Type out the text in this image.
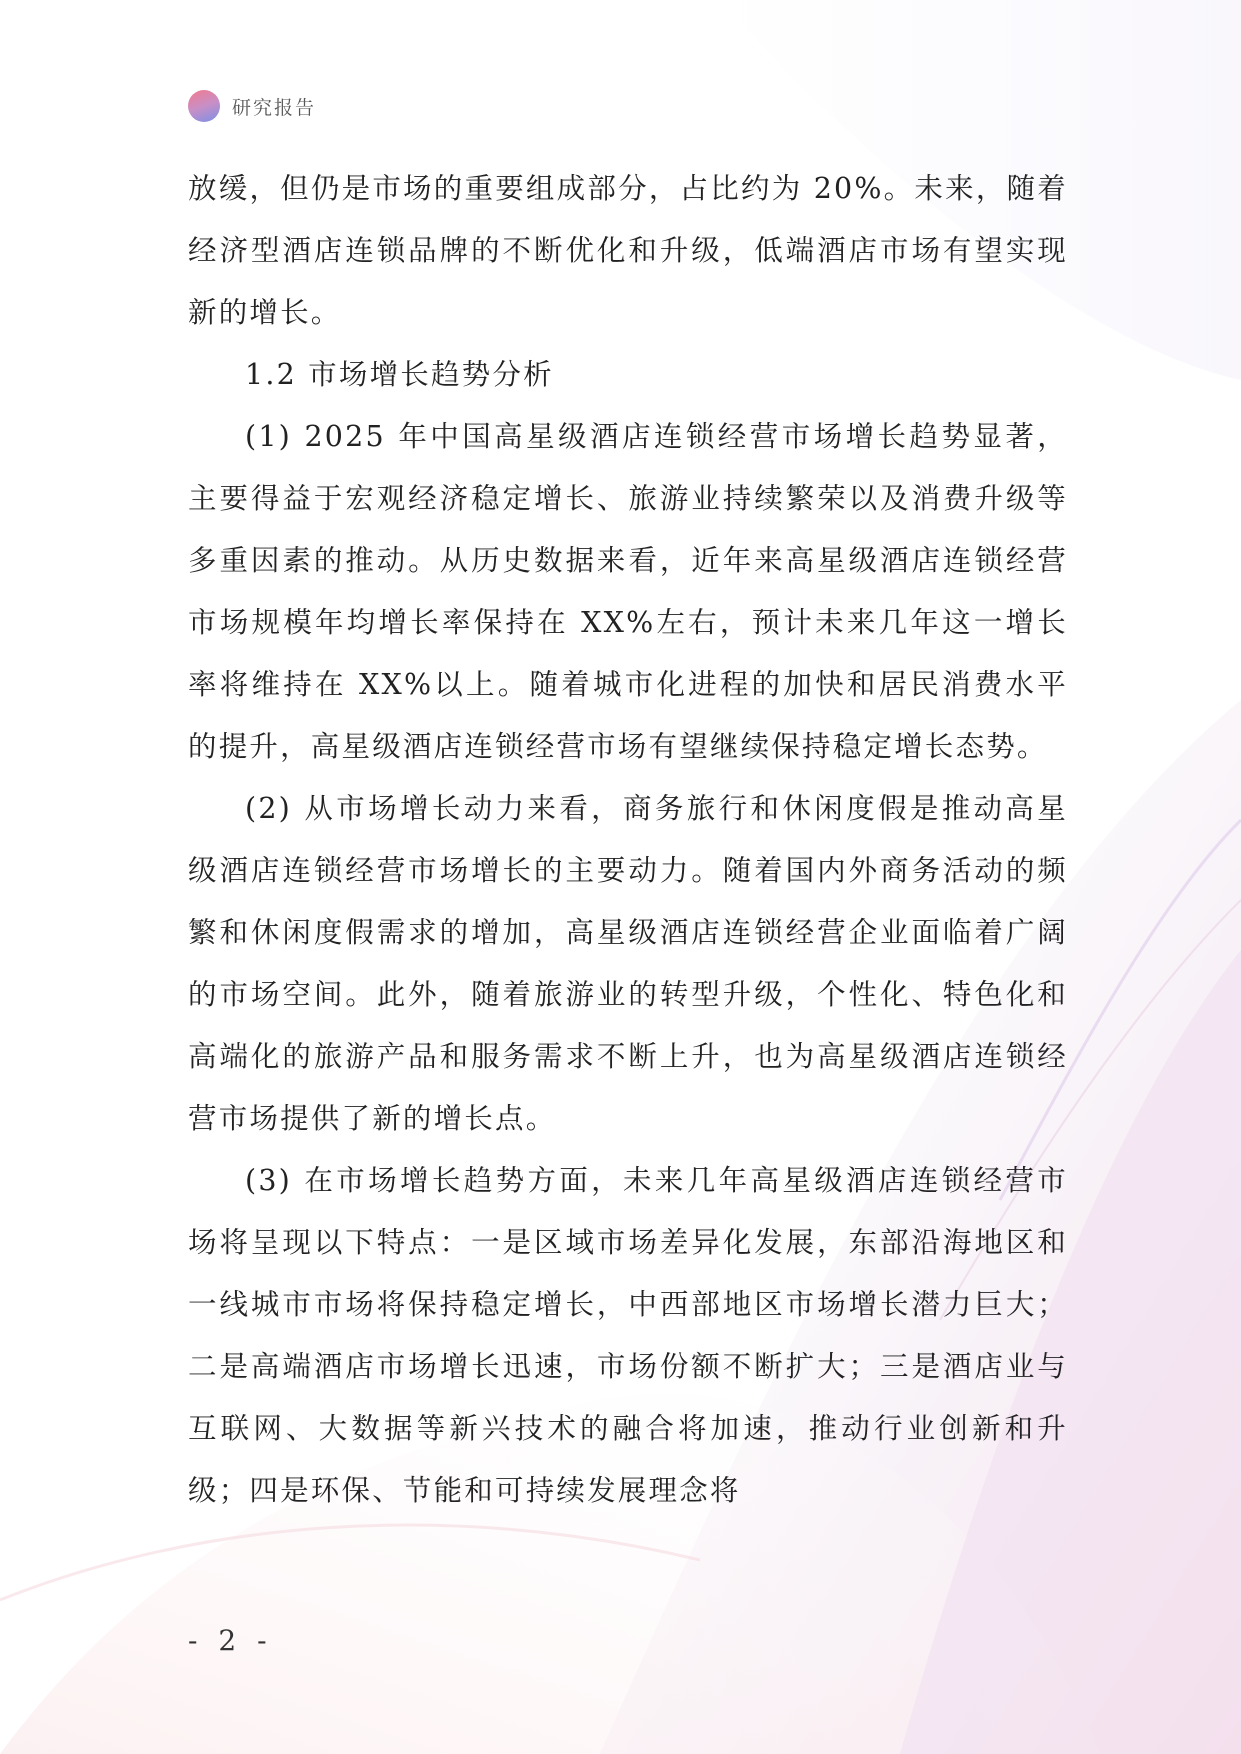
研究报告

放缓，但仍是市场的重要组成部分，占比约为 20%。未来，随着经济型酒店连锁品牌的不断优化和升级，低端酒店市场有望实现新的增长。

1.2 市场增长趋势分析

(1) 2025 年中国高星级酒店连锁经营市场增长趋势显著，主要得益于宏观经济稳定增长、旅游业持续繁荣以及消费升级等多重因素的推动。从历史数据来看，近年来高星级酒店连锁经营市场规模年均增长率保持在 XX%左右，预计未来几年这一增长率将维持在 XX%以上。随着城市化进程的加快和居民消费水平的提升，高星级酒店连锁经营市场有望继续保持稳定增长态势。

(2) 从市场增长动力来看，商务旅行和休闲度假是推动高星级酒店连锁经营市场增长的主要动力。随着国内外商务活动的频繁和休闲度假需求的增加，高星级酒店连锁经营企业面临着广阔的市场空间。此外，随着旅游业的转型升级，个性化、特色化和高端化的旅游产品和服务需求不断上升，也为高星级酒店连锁经营市场提供了新的增长点。

(3) 在市场增长趋势方面，未来几年高星级酒店连锁经营市场将呈现以下特点：一是区域市场差异化发展，东部沿海地区和一线城市市场将保持稳定增长，中西部地区市场增长潜力巨大；二是高端酒店市场增长迅速，市场份额不断扩大；三是酒店业与互联网、大数据等新兴技术的融合将加速，推动行业创新和升级；四是环保、节能和可持续发展理念将

- 2 -
